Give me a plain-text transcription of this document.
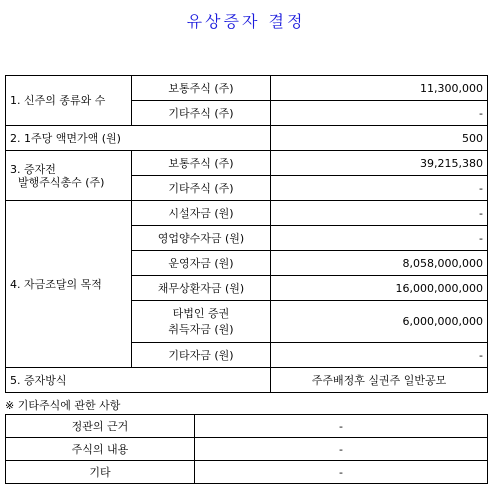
유상증자 결정
1. 신주의 종류와 수	보통주식 (주)	11,300,000
	기타주식 (주)	-
2. 1주당 액면가액 (원)		500

3. 증자전
발행주식총수 (주)	보통주식 (주)	39,215,380
	기타주식 (주)	-
4. 자금조달의 목적	시설자금 (원)	-
	영업양수자금 (원)	-
	운영자금 (원)	8,058,000,000
	채무상환자금 (원)	16,000,000,000

	타법인 증권
취득자금 (원)	6,000,000,000
	기타자금 (원)	-
5. 증자방식		주주배정후 실권주 일반공모
※ 기타주식에 관한 사항
정관의 근거	-
주식의 내용	-
기타	-
